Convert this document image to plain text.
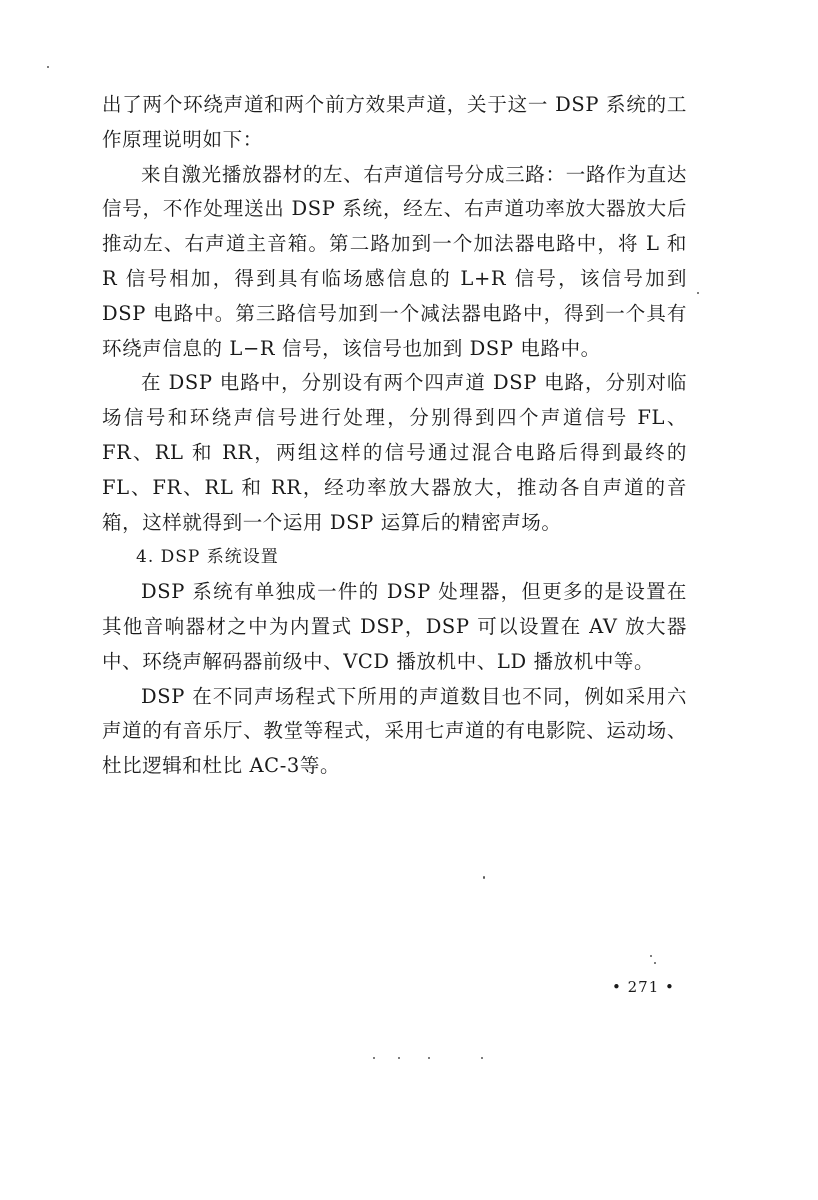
出了两个环绕声道和两个前方效果声道，关于这一 DSP 系统的工作原理说明如下：

来自激光播放器材的左、右声道信号分成三路：一路作为直达信号，不作处理送出 DSP 系统，经左、右声道功率放大器放大后推动左、右声道主音箱。第二路加到一个加法器电路中，将 L 和 R 信号相加，得到具有临场感信息的 L+R 信号，该信号加到 DSP 电路中。第三路信号加到一个减法器电路中，得到一个具有环绕声信息的 L−R 信号，该信号也加到 DSP 电路中。

在 DSP 电路中，分别设有两个四声道 DSP 电路，分别对临场信号和环绕声信号进行处理，分别得到四个声道信号 FL、FR、RL 和 RR，两组这样的信号通过混合电路后得到最终的 FL、FR、RL 和 RR，经功率放大器放大，推动各自声道的音箱，这样就得到一个运用 DSP 运算后的精密声场。

4. DSP 系统设置

DSP 系统有单独成一件的 DSP 处理器，但更多的是设置在其他音响器材之中为内置式 DSP，DSP 可以设置在 AV 放大器中、环绕声解码器前级中、VCD 播放机中、LD 播放机中等。

DSP 在不同声场程式下所用的声道数目也不同，例如采用六声道的有音乐厅、教堂等程式，采用七声道的有电影院、运动场、杜比逻辑和杜比 AC-3等。

• 271 •
